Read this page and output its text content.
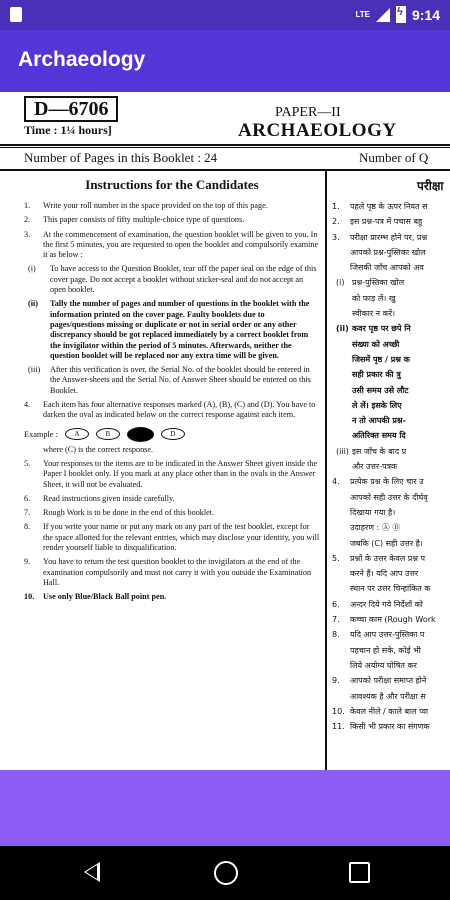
LTE
ϟ	9:14
Archaeology
D—6706
Time : 1¼ hours]
PAPER—II
ARCHAEOLOGY
Number of Pages in this Booklet : 24	Number of Q
Instructions for the Candidates
1. Write your roll number in the space provided on the top of this page.
2. This paper consists of fifty multiple-choice type of questions.
3. At the commencement of examination, the question booklet will be given to you. In the first 5 minutes, you are requested to open the booklet and compulsorily examine it as below :
(i) To have access to the Question Booklet, tear off the paper seal on the edge of this cover page. Do not accept a booklet without sticker-seal and do not accept an open booklet.
(ii) Tally the number of pages and number of questions in the booklet with the information printed on the cover page. Faulty booklets due to pages/questions missing or duplicate or not in serial order or any other discrepancy should be got replaced immediately by a correct booklet from the invigilator within the period of 5 minutes. Afterwards, neither the question booklet will be replaced nor any extra time will be given.
(iii) After this verification is over, the Serial No. of the booklet should be entered in the Answer-sheets and the Serial No. of Answer Sheet should be entered on this Booklet.
4. Each item has four alternative responses marked (A), (B), (C) and (D). You have to darken the oval as indicated below on the correct response against each item.
Example :	A	B	C	D
where (C) is the correct response.
5. Your responses to the items are to be indicated in the Answer Sheet given inside the Paper I booklet only. If you mark at any place other than in the ovals in the Answer Sheet, it will not be evaluated.
6. Read instructions given inside carefully.
7. Rough Work is to be done in the end of this booklet.
8. If you write your name or put any mark on any part of the test booklet, except for the space allotted for the relevant entries, which may disclose your identity, you will render yourself liable to disqualification.
9. You have to return the test question booklet to the invigilators at the end of the examination compulsorily and must not carry it with you outside the Examination Hall.
10. Use only Blue/Black Ball point pen.
परीक्षा
1. पहले पृष्ठ के ऊपर नियत स
2. इस प्रश्न-पत्र में पचास बहु
3. परीक्षा प्रारम्भ होने पर, प्रश्न
आपको प्रश्न-पुस्तिका खोल
जिसकी जाँच आपको अव
(i) प्रश्न-पुस्तिका खोल
को फाड़ लें। खु
स्वीकार न करें।
(ii) कवर पृष्ठ पर छपे नि
संख्या को अच्छी
जिसमें पृष्ठ / प्रश्न क
सही प्रकार की त्रु
उसी समय उसे लौट
ले लें। इसके लिए
न तो आपकी प्रश्न-
अतिरिक्त समय दि
(iii) इस जाँच के बाद प्र
और उत्तर-पत्रक
4. प्रत्येक प्रश्न के लिए चार उ
आपको सही उत्तर के दीर्घवृ
दिखाया गया है।
उदाहरण : Ⓐ Ⓑ
जबकि (C) सही उत्तर है।
5. प्रश्नों के उत्तर केवल प्रश्न प
करने हैं। यदि आप उत्तर
स्थान पर उत्तर चिन्हांकित क
6. अन्दर दिये गये निर्देशों को
7. कच्चा काम (Rough Work
8. यदि आप उत्तर-पुस्तिका प
पहचान हो सके, कोई भी
लिये अयोग्य घोषित कर
9. आपको परीक्षा समाप्त होने
आवश्यक है और परीक्षा स
10. केवल नीले / काले बाल प्वा
11. किसी भी प्रकार का संगणक
